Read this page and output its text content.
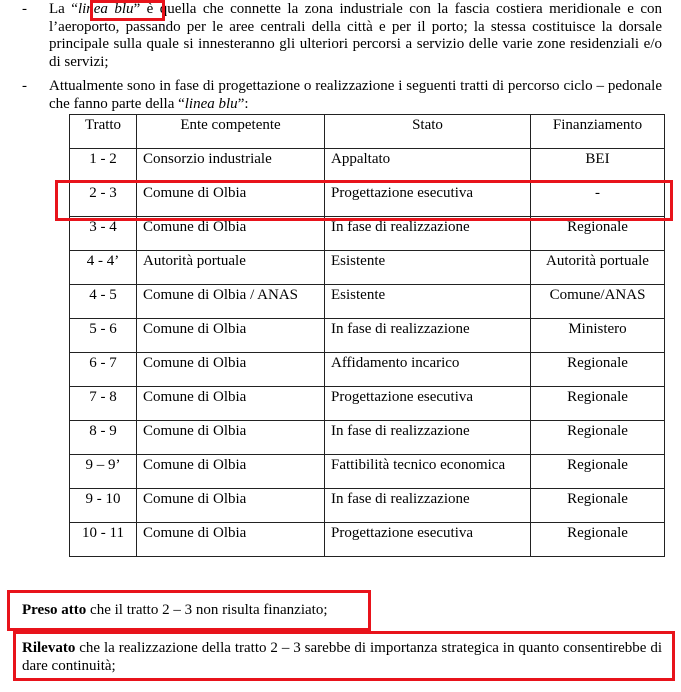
- La “linea blu” è quella che connette la zona industriale con la fascia costiera meridionale e con l’aeroporto, passando per le aree centrali della città e per il porto; la stessa costituisce la dorsale principale sulla quale si innesteranno gli ulteriori percorsi a servizio delle varie zone residenziali e/o di servizi;
- Attualmente sono in fase di progettazione o realizzazione i seguenti tratti di percorso ciclo – pedonale che fanno parte della “linea blu”:
Tratto	Ente competente	Stato	Finanziamento
1 - 2	Consorzio industriale	Appaltato	BEI
2 - 3	Comune di Olbia	Progettazione esecutiva	-
3 - 4	Comune di Olbia	In fase di realizzazione	Regionale
4 - 4’	Autorità portuale	Esistente	Autorità portuale
4 - 5	Comune di Olbia / ANAS	Esistente	Comune/ANAS
5 - 6	Comune di Olbia	In fase di realizzazione	Ministero
6 - 7	Comune di Olbia	Affidamento incarico	Regionale
7 - 8	Comune di Olbia	Progettazione esecutiva	Regionale
8 - 9	Comune di Olbia	In fase di realizzazione	Regionale
9 – 9’	Comune di Olbia	Fattibilità tecnico economica	Regionale
9 - 10	Comune di Olbia	In fase di realizzazione	Regionale
10 - 11	Comune di Olbia	Progettazione esecutiva	Regionale
Preso atto che il tratto 2 – 3 non risulta finanziato;
Rilevato che la realizzazione della tratto 2 – 3 sarebbe di importanza strategica in quanto consentirebbe di dare continuità;
